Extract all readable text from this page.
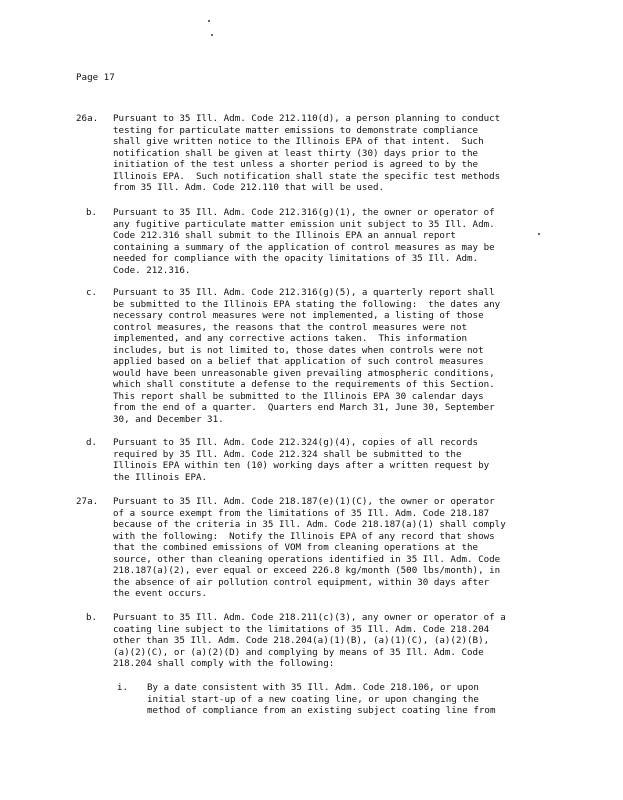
Page 17
26a. Pursuant to 35 Ill. Adm. Code 212.110(d), a person planning to conduct
testing for particulate matter emissions to demonstrate compliance
shall give written notice to the Illinois EPA of that intent.  Such
notification shall be given at least thirty (30) days prior to the
initiation of the test unless a shorter period is agreed to by the
Illinois EPA.  Such notification shall state the specific test methods
from 35 Ill. Adm. Code 212.110 that will be used.
b. Pursuant to 35 Ill. Adm. Code 212.316(g)(1), the owner or operator of
any fugitive particulate matter emission unit subject to 35 Ill. Adm.
Code 212.316 shall submit to the Illinois EPA an annual report
containing a summary of the application of control measures as may be
needed for compliance with the opacity limitations of 35 Ill. Adm.
Code. 212.316.
c. Pursuant to 35 Ill. Adm. Code 212.316(g)(5), a quarterly report shall
be submitted to the Illinois EPA stating the following:  the dates any
necessary control measures were not implemented, a listing of those
control measures, the reasons that the control measures were not
implemented, and any corrective actions taken.  This information
includes, but is not limited to, those dates when controls were not
applied based on a belief that application of such control measures
would have been unreasonable given prevailing atmospheric conditions,
which shall constitute a defense to the requirements of this Section.
This report shall be submitted to the Illinois EPA 30 calendar days
from the end of a quarter.  Quarters end March 31, June 30, September
30, and December 31.
d. Pursuant to 35 Ill. Adm. Code 212.324(g)(4), copies of all records
required by 35 Ill. Adm. Code 212.324 shall be submitted to the
Illinois EPA within ten (10) working days after a written request by
the Illinois EPA.
27a. Pursuant to 35 Ill. Adm. Code 218.187(e)(1)(C), the owner or operator
of a source exempt from the limitations of 35 Ill. Adm. Code 218.187
because of the criteria in 35 Ill. Adm. Code 218.187(a)(1) shall comply
with the following:  Notify the Illinois EPA of any record that shows
that the combined emissions of VOM from cleaning operations at the
source, other than cleaning operations identified in 35 Ill. Adm. Code
218.187(a)(2), ever equal or exceed 226.8 kg/month (500 lbs/month), in
the absence of air pollution control equipment, within 30 days after
the event occurs.
b. Pursuant to 35 Ill. Adm. Code 218.211(c)(3), any owner or operator of a
coating line subject to the limitations of 35 Ill. Adm. Code 218.204
other than 35 Ill. Adm. Code 218.204(a)(1)(B), (a)(1)(C), (a)(2)(B),
(a)(2)(C), or (a)(2)(D) and complying by means of 35 Ill. Adm. Code
218.204 shall comply with the following:
i. By a date consistent with 35 Ill. Adm. Code 218.106, or upon
initial start-up of a new coating line, or upon changing the
method of compliance from an existing subject coating line from
